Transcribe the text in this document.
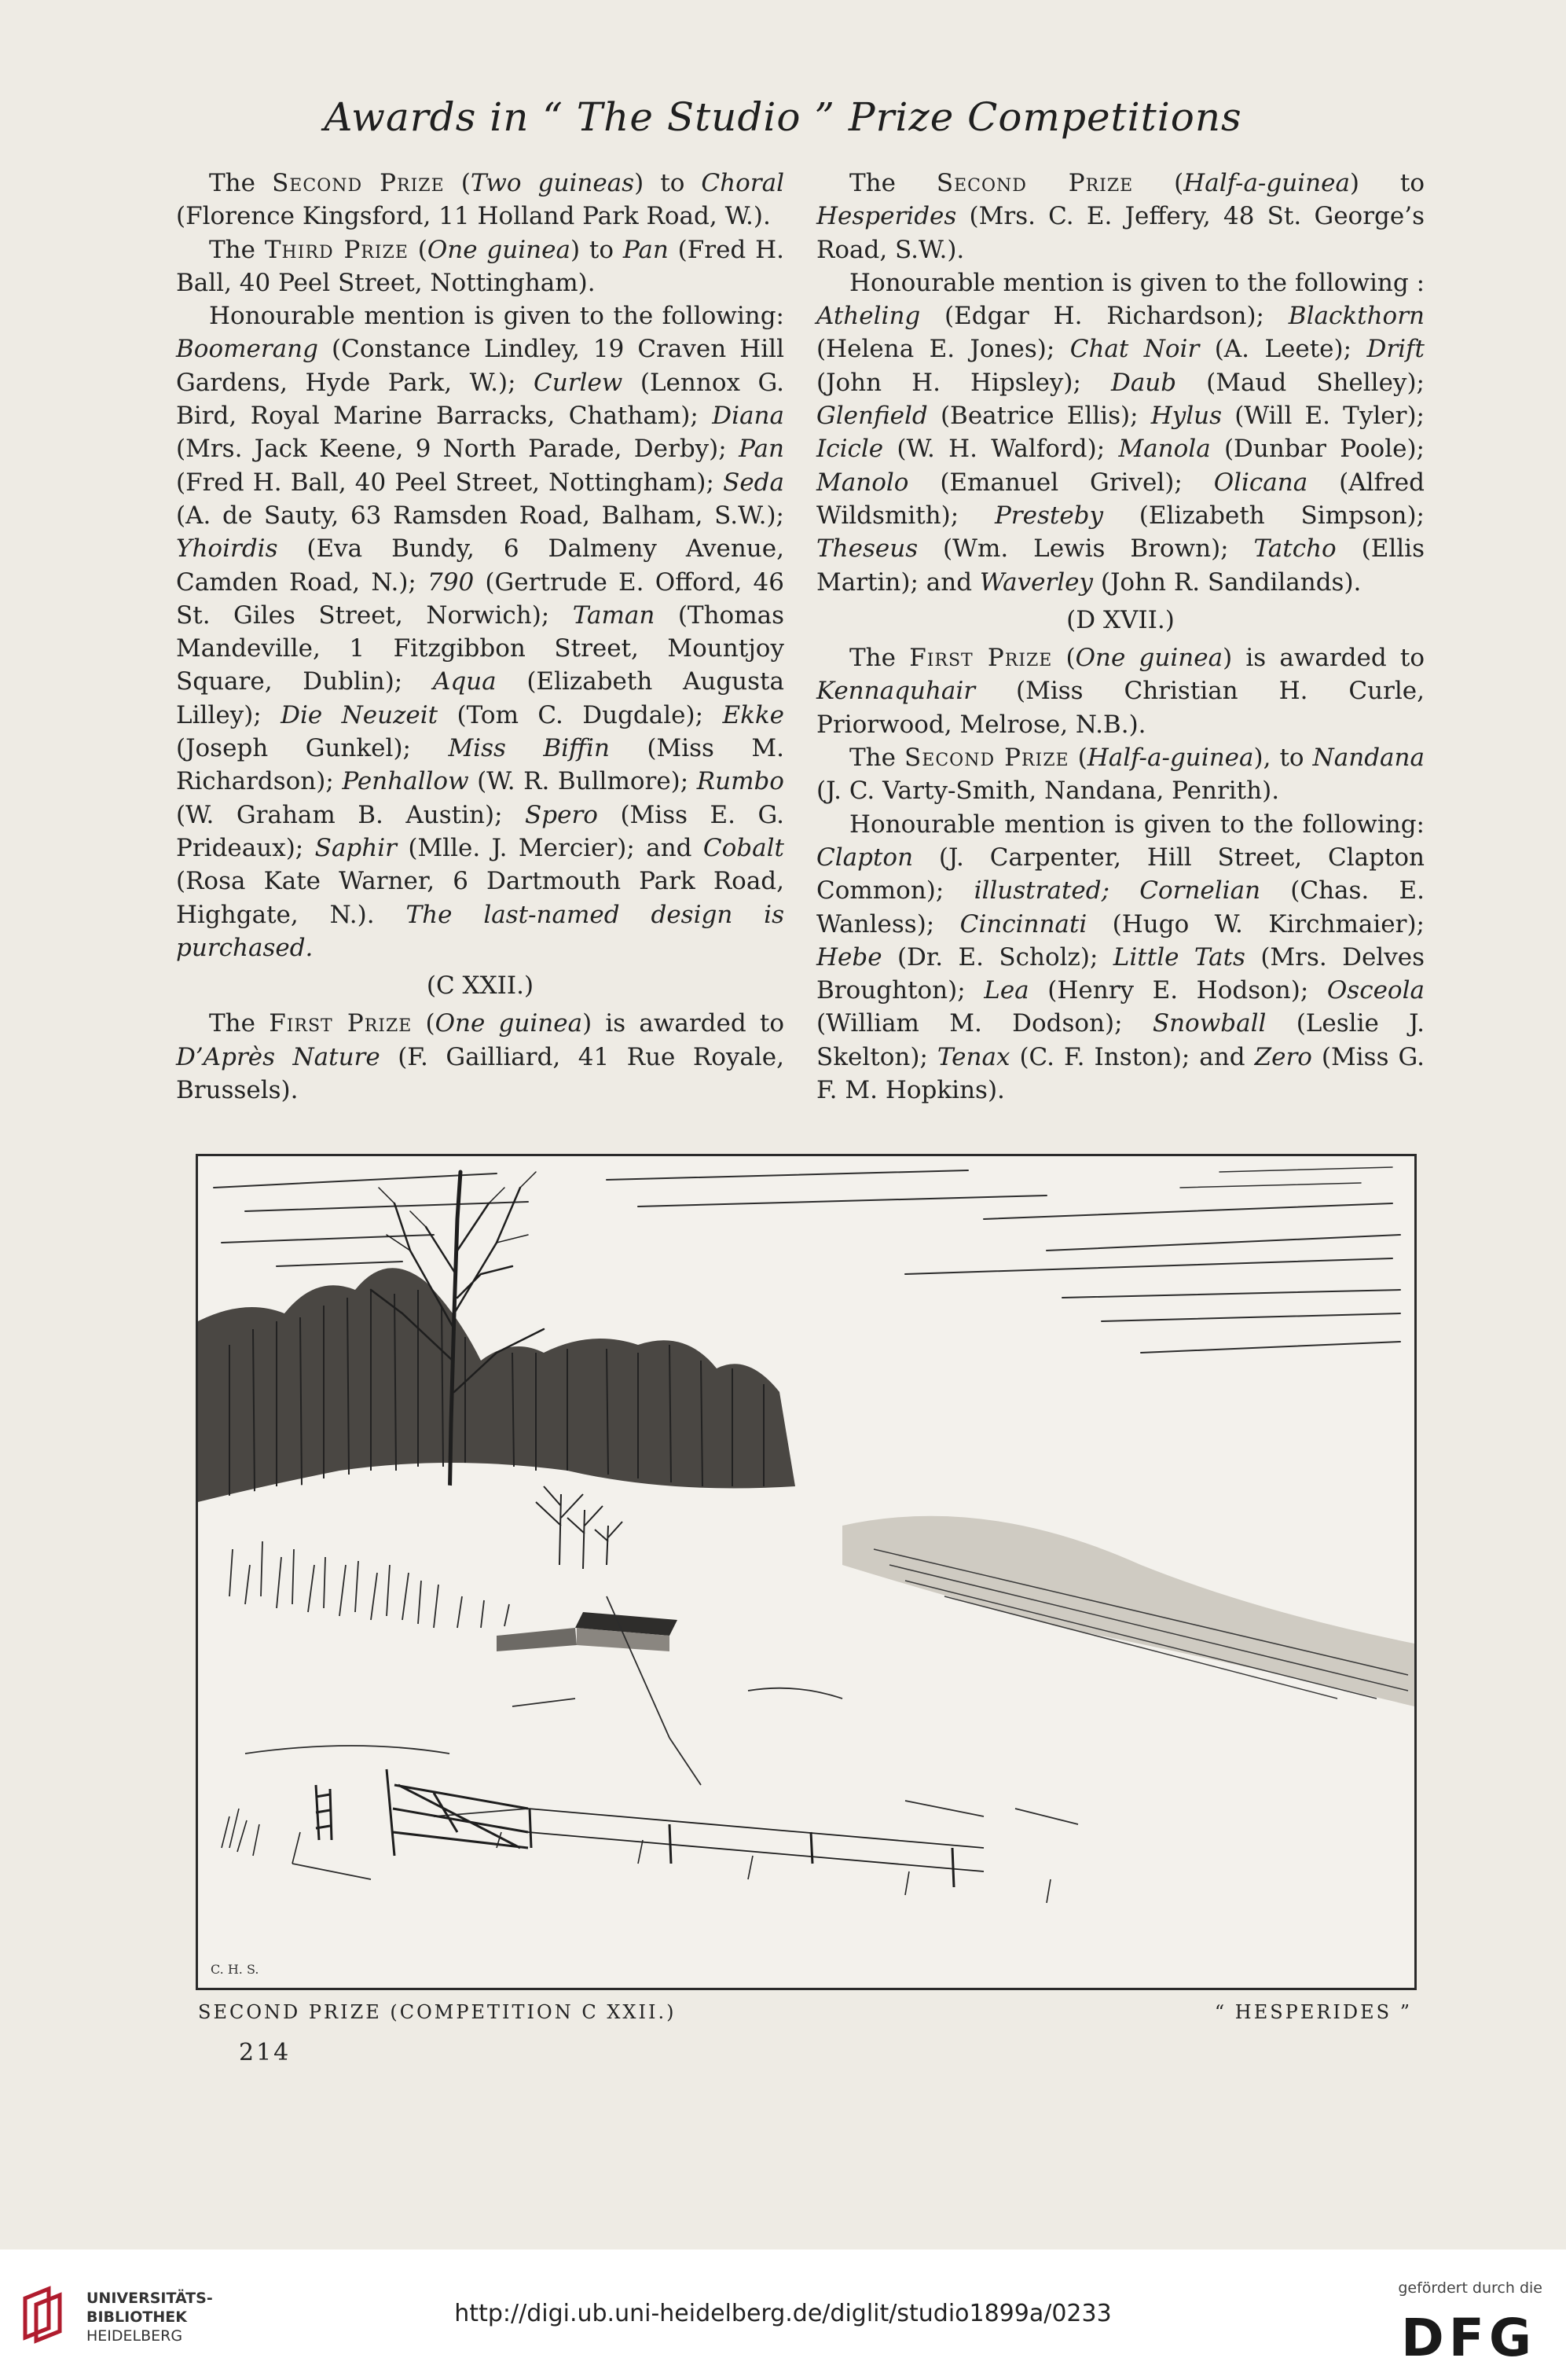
Awards in “ The Studio ” Prize Competitions

The Second Prize (Two guineas) to Choral (Florence Kingsford, 11 Holland Park Road, W.).

The Third Prize (One guinea) to Pan (Fred H. Ball, 40 Peel Street, Nottingham).

Honourable mention is given to the following: Boomerang (Constance Lindley, 19 Craven Hill Gardens, Hyde Park, W.); Curlew (Lennox G. Bird, Royal Marine Barracks, Chatham); Diana (Mrs. Jack Keene, 9 North Parade, Derby); Pan (Fred H. Ball, 40 Peel Street, Nottingham); Seda (A. de Sauty, 63 Ramsden Road, Balham, S.W.); Yhoirdis (Eva Bundy, 6 Dalmeny Avenue, Camden Road, N.); 790 (Gertrude E. Offord, 46 St. Giles Street, Norwich); Taman (Thomas Mandeville, 1 Fitzgibbon Street, Mountjoy Square, Dublin); Aqua (Elizabeth Augusta Lilley); Die Neuzeit (Tom C. Dugdale); Ekke (Joseph Gunkel); Miss Biffin (Miss M. Richardson); Penhallow (W. R. Bullmore); Rumbo (W. Graham B. Austin); Spero (Miss E. G. Prideaux); Saphir (Mlle. J. Mercier); and Cobalt (Rosa Kate Warner, 6 Dartmouth Park Road, Highgate, N.). The last-named design is purchased.

(C XXII.)

The First Prize (One guinea) is awarded to D’Après Nature (F. Gailliard, 41 Rue Royale, Brussels).

The Second Prize (Half-a-guinea) to Hesperides (Mrs. C. E. Jeffery, 48 St. George’s Road, S.W.).

Honourable mention is given to the following : Atheling (Edgar H. Richardson); Blackthorn (Helena E. Jones); Chat Noir (A. Leete); Drift (John H. Hipsley); Daub (Maud Shelley); Glenfield (Beatrice Ellis); Hylus (Will E. Tyler); Icicle (W. H. Walford); Manola (Dunbar Poole); Manolo (Emanuel Grivel); Olicana (Alfred Wildsmith); Presteby (Elizabeth Simpson); Theseus (Wm. Lewis Brown); Tatcho (Ellis Martin); and Waverley (John R. Sandilands).

(D XVII.)

The First Prize (One guinea) is awarded to Kennaquhair (Miss Christian H. Curle, Priorwood, Melrose, N.B.).

The Second Prize (Half-a-guinea), to Nandana (J. C. Varty-Smith, Nandana, Penrith).

Honourable mention is given to the following: Clapton (J. Carpenter, Hill Street, Clapton Common); illustrated; Cornelian (Chas. E. Wanless); Cincinnati (Hugo W. Kirchmaier); Hebe (Dr. E. Scholz); Little Tats (Mrs. Delves Broughton); Lea (Henry E. Hodson); Osceola (William M. Dodson); Snowball (Leslie J. Skelton); Tenax (C. F. Inston); and Zero (Miss G. F. M. Hopkins).

C. H. S.
SECOND PRIZE (COMPETITION C XXII.)	“ HESPERIDES ”
214
UNIVERSITÄTS-
BIBLIOTHEK
HEIDELBERG
http://digi.ub.uni-heidelberg.de/diglit/studio1899a/0233
gefördert durch die
DFG
